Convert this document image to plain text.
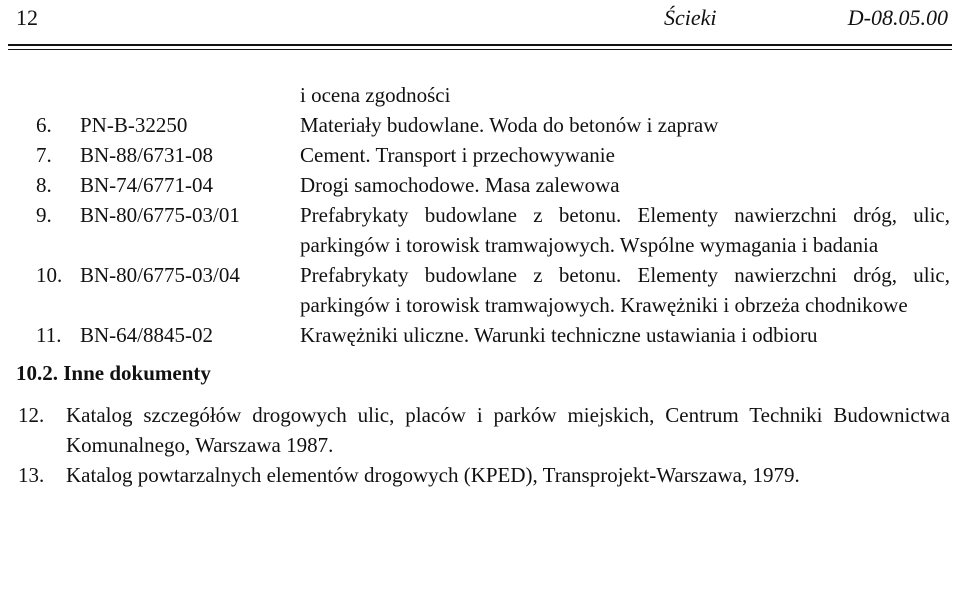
12	Ścieki	D-08.05.00
i ocena zgodności
6.	PN-B-32250	Materiały budowlane. Woda do betonów i zapraw
7.	BN-88/6731-08	Cement. Transport i przechowywanie
8.	BN-74/6771-04	Drogi samochodowe. Masa zalewowa
9.	BN-80/6775-03/01	Prefabrykaty budowlane z betonu. Elementy nawierzchni dróg, ulic, parkingów i torowisk tramwajowych. Wspólne wymagania i badania
10. BN-80/6775-03/04	Prefabrykaty budowlane z betonu. Elementy nawierzchni dróg, ulic, parkingów i torowisk tramwajowych. Krawężniki i obrzeża chodnikowe
11. BN-64/8845-02	Krawężniki uliczne. Warunki techniczne ustawiania i odbioru
10.2. Inne dokumenty
12.	Katalog szczegółów drogowych ulic, placów i parków miejskich, Centrum Techniki Budownictwa Komunalnego, Warszawa 1987.
13.	Katalog powtarzalnych elementów drogowych (KPED), Transprojekt-Warszawa, 1979.
